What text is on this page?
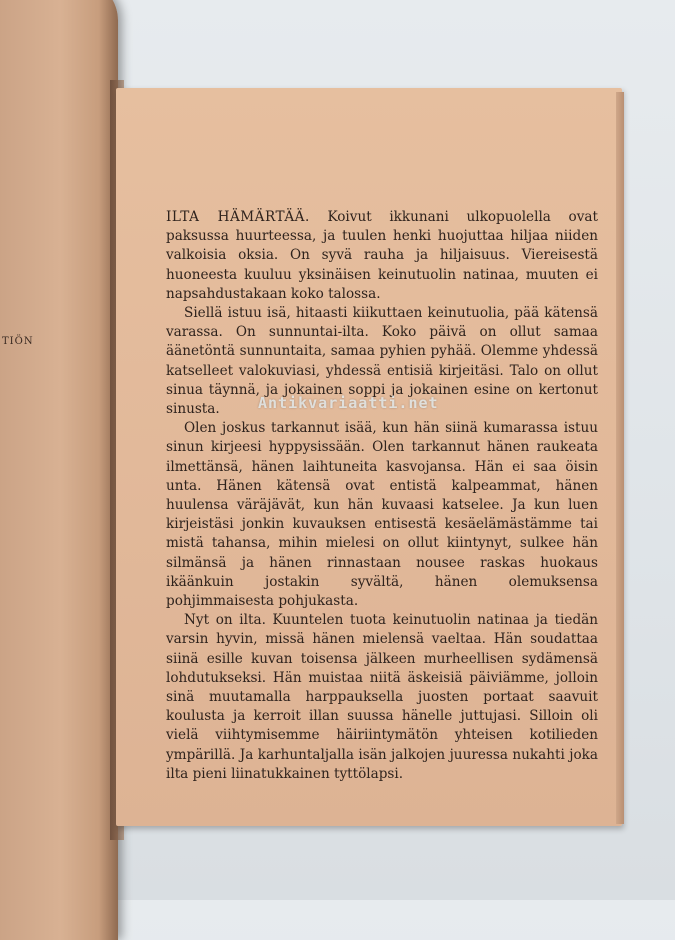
TIÖN

ILTA HÄMÄRTÄÄ. Koivut ikkunani ulkopuolella ovat paksussa huurteessa, ja tuulen henki huojuttaa hiljaa niiden valkoisia oksia. On syvä rauha ja hiljaisuus. Viereisestä huoneesta kuuluu yksinäisen keinutuolin natinaa, muuten ei napsahdustakaan koko talossa.

Siellä istuu isä, hitaasti kiikuttaen keinutuolia, pää kätensä varassa. On sunnuntai-ilta. Koko päivä on ollut samaa äänetöntä sunnuntaita, samaa pyhien pyhää. Olemme yhdessä katselleet valokuviasi, yhdessä entisiä kirjeitäsi. Talo on ollut sinua täynnä, ja jokainen soppi ja jokainen esine on kertonut sinusta.

Olen joskus tarkannut isää, kun hän siinä kumarassa istuu sinun kirjeesi hyppysissään. Olen tarkannut hänen raukeata ilmettänsä, hänen laihtuneita kasvojansa. Hän ei saa öisin unta. Hänen kätensä ovat entistä kalpeammat, hänen huulensa väräjävät, kun hän kuvaasi katselee. Ja kun luen kirjeistäsi jonkin kuvauksen entisestä kesäelämästämme tai mistä tahansa, mihin mielesi on ollut kiintynyt, sulkee hän silmänsä ja hänen rinnastaan nousee raskas huokaus ikäänkuin jostakin syvältä, hänen olemuksensa pohjimmaisesta pohjukasta.

Nyt on ilta. Kuuntelen tuota keinutuolin natinaa ja tiedän varsin hyvin, missä hänen mielensä vaeltaa. Hän soudattaa siinä esille kuvan toisensa jälkeen murheellisen sydämensä lohdutukseksi. Hän muistaa niitä äskeisiä päiviämme, jolloin sinä muutamalla harppauksella juosten portaat saavuit koulusta ja kerroit illan suussa hänelle juttujasi. Silloin oli vielä viihtymisemme häiriintymätön yhteisen kotilieden ympärillä. Ja karhuntaljalla isän jalkojen juuressa nukahti joka ilta pieni liinatukkainen tyttölapsi.

Antikvariaatti.net
